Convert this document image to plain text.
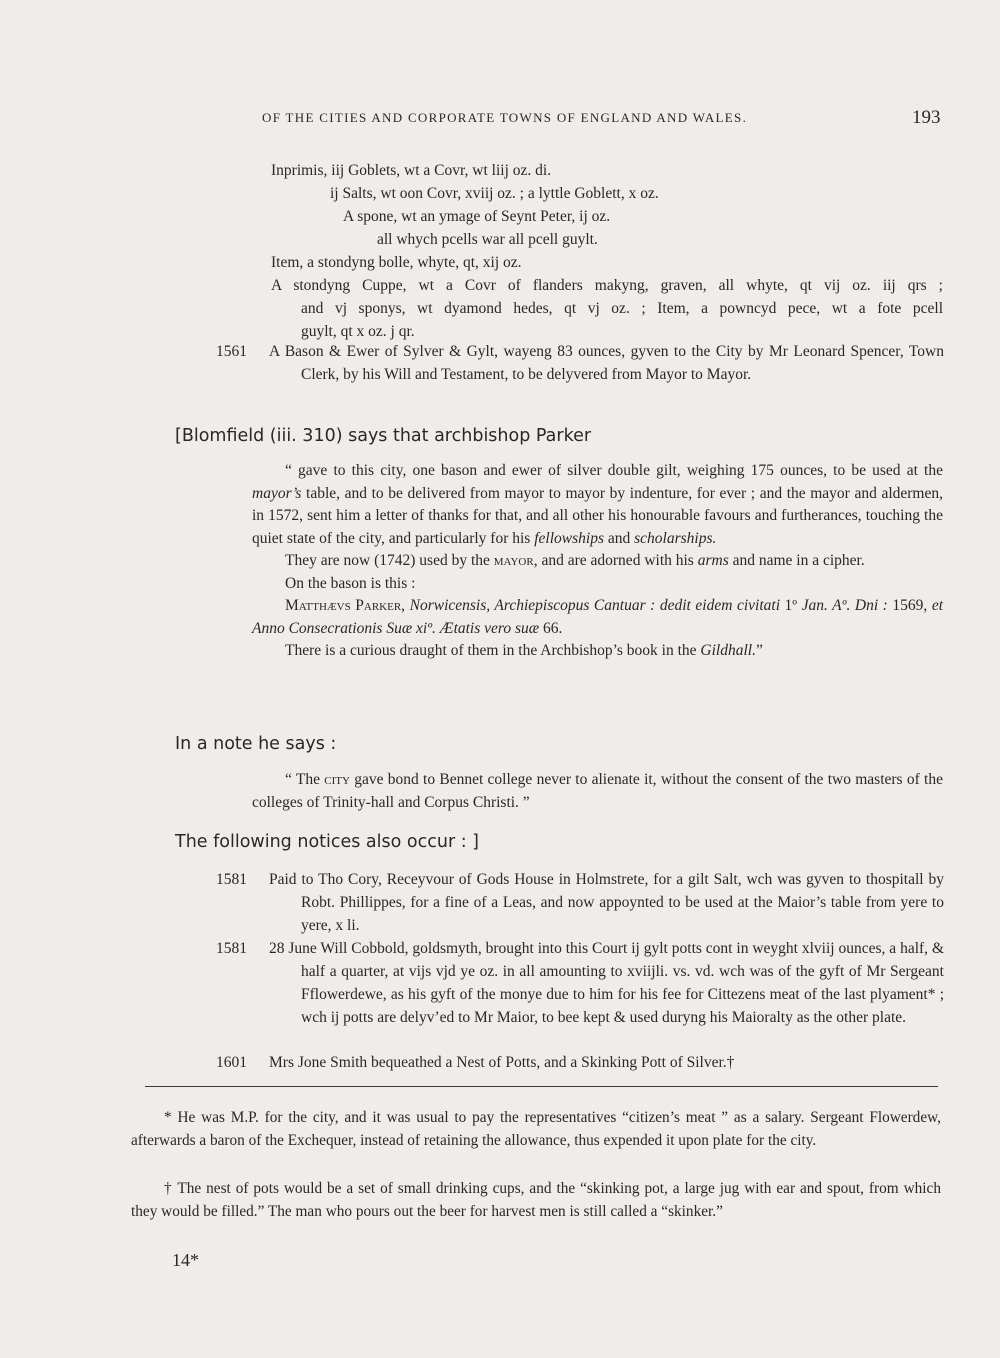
OF THE CITIES AND CORPORATE TOWNS OF ENGLAND AND WALES.	193
Inprimis, iij Goblets, wt a Covr, wt liij oz. di.
ij Salts, wt oon Covr, xviij oz. ; a lyttle Goblett, x oz.
A spone, wt an ymage of Seynt Peter, ij oz.
all whych pcells war all pcell guylt.
Item, a stondyng bolle, whyte, qt, xij oz.
A stondyng Cuppe, wt a Covr of flanders makyng, graven, all whyte, qt vij oz. iij qrs ;
and vj sponys, wt dyamond hedes, qt vj oz. ; Item, a powncyd pece, wt a fote pcell
guylt, qt x oz. j qr.
1561 A Bason & Ewer of Sylver & Gylt, wayeng 83 ounces, gyven to the City by Mr Leonard Spencer, Town Clerk, by his Will and Testament, to be delyvered from Mayor to Mayor.
[Blomfield (iii. 310) says that archbishop Parker
“ gave to this city, one bason and ewer of silver double gilt, weighing 175 ounces, to be used at the mayor’s table, and to be delivered from mayor to mayor by indenture, for ever ; and the mayor and aldermen, in 1572, sent him a letter of thanks for that, and all other his honourable favours and furtherances, touching the quiet state of the city, and particularly for his fellowships and scholarships.
They are now (1742) used by the mayor, and are adorned with his arms and name in a cipher.
On the bason is this :
Matthævs Parker, Norwicensis, Archiepiscopus Cantuar : dedit eidem civitati 1º Jan. Aº. Dni : 1569, et Anno Consecrationis Suæ xiº. Ætatis vero suæ 66.
There is a curious draught of them in the Archbishop’s book in the Gildhall.”
In a note he says :
“ The city gave bond to Bennet college never to alienate it, without the consent of the two masters of the colleges of Trinity-hall and Corpus Christi. ”
The following notices also occur : ]
1581 Paid to Tho Cory, Receyvour of Gods House in Holmstrete, for a gilt Salt, wch was gyven to thospitall by Robt. Phillippes, for a fine of a Leas, and now appoynted to be used at the Maior’s table from yere to yere, x li.
1581 28 June Will Cobbold, goldsmyth, brought into this Court ij gylt potts cont in weyght xlviij ounces, a half, & half a quarter, at vijs vjd ye oz. in all amounting to xviijli. vs. vd. wch was of the gyft of Mr Sergeant Fflowerdewe, as his gyft of the monye due to him for his fee for Cittezens meat of the last plyament* ; wch ij potts are delyv’ed to Mr Maior, to bee kept & used duryng his Maioralty as the other plate.
1601 Mrs Jone Smith bequeathed a Nest of Potts, and a Skinking Pott of Silver.†
* He was M.P. for the city, and it was usual to pay the representatives “citizen’s meat ” as a salary. Sergeant Flowerdew, afterwards a baron of the Exchequer, instead of retaining the allowance, thus expended it upon plate for the city.
† The nest of pots would be a set of small drinking cups, and the “skinking pot, a large jug with ear and spout, from which they would be filled.” The man who pours out the beer for harvest men is still called a “skinker.”
14*
